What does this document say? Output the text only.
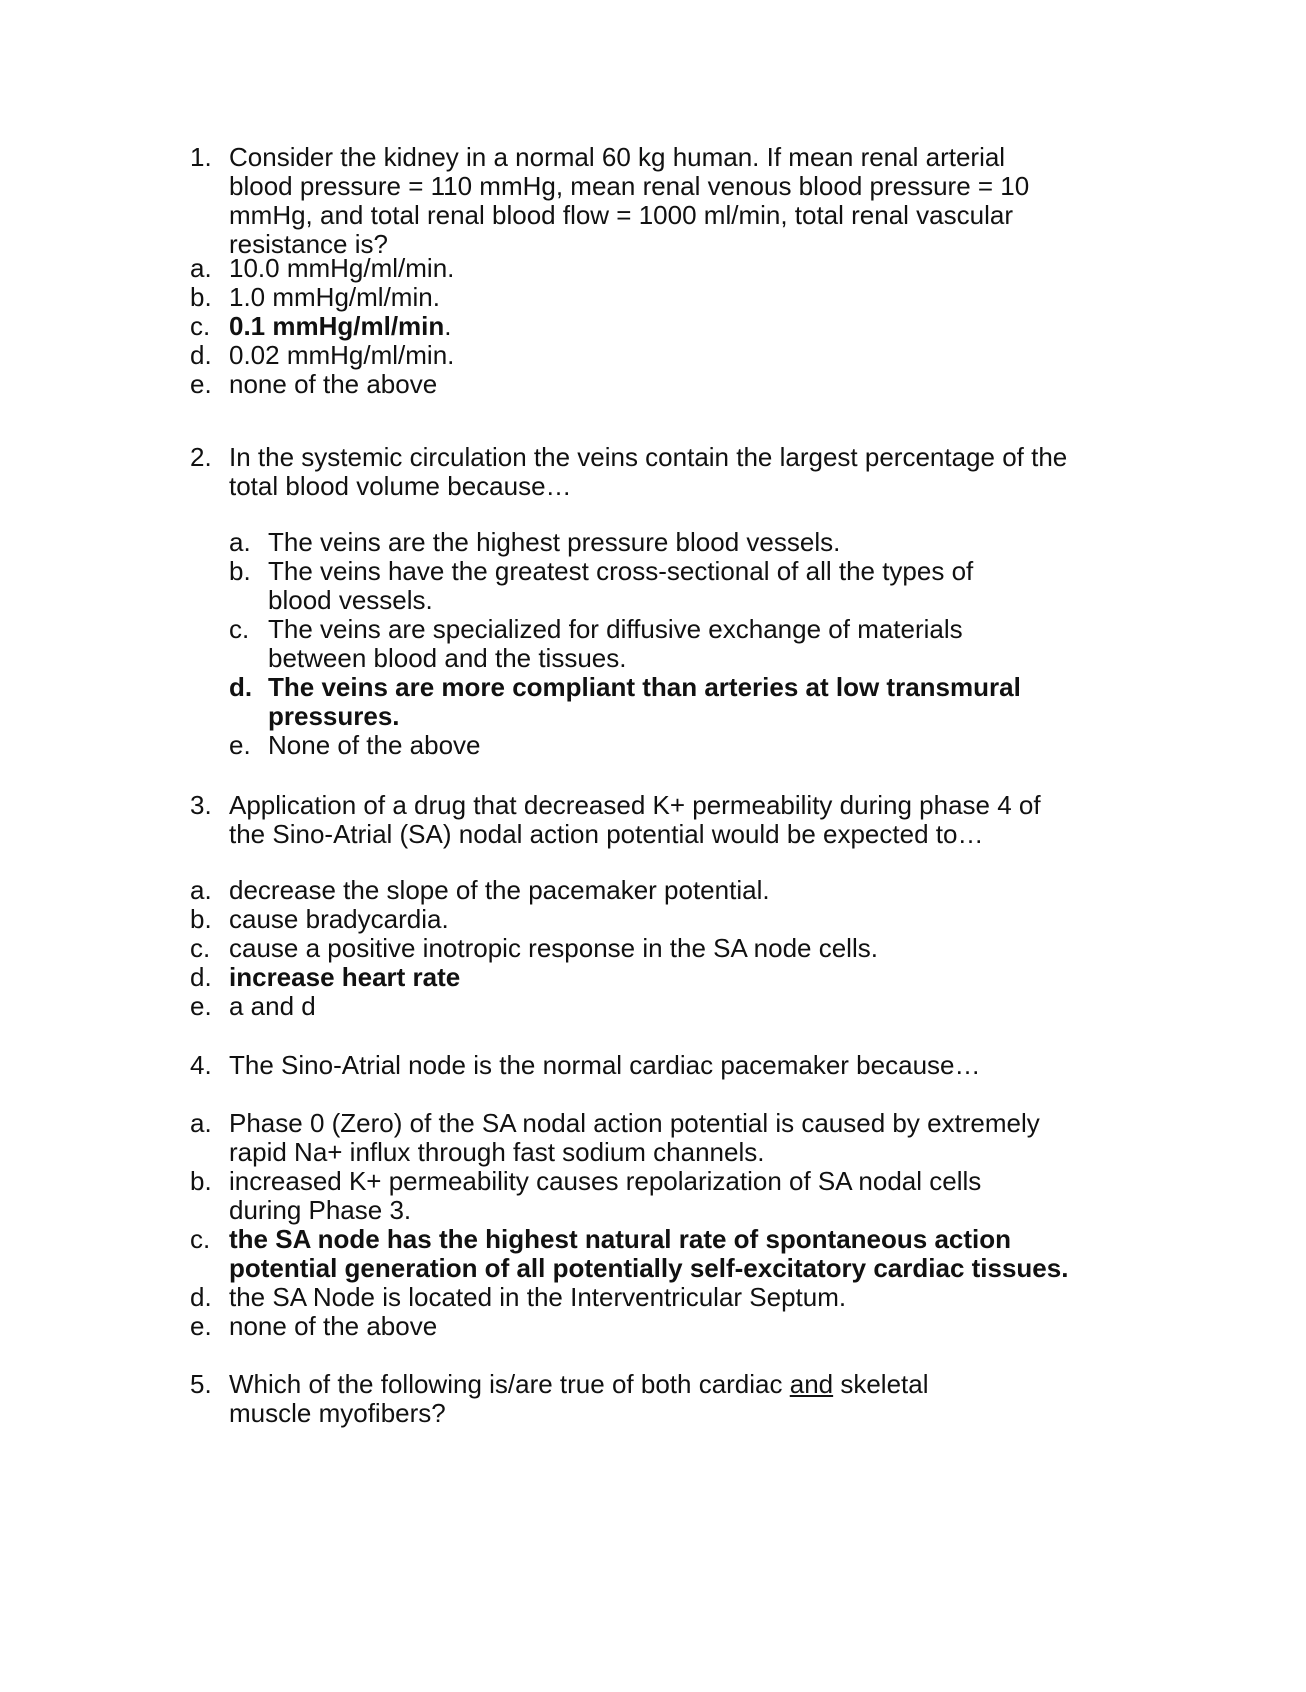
1. Consider the kidney in a normal 60 kg human. If mean renal arterial blood pressure = 110 mmHg, mean renal venous blood pressure = 10 mmHg, and total renal blood flow = 1000 ml/min, total renal vascular resistance is?
a. 10.0 mmHg/ml/min.
b. 1.0 mmHg/ml/min.
c. 0.1 mmHg/ml/min.
d. 0.02 mmHg/ml/min.
e. none of the above
2. In the systemic circulation the veins contain the largest percentage of the total blood volume because…
a. The veins are the highest pressure blood vessels.
b. The veins have the greatest cross-sectional of all the types of blood vessels.
c. The veins are specialized for diffusive exchange of materials between blood and the tissues.
d. The veins are more compliant than arteries at low transmural pressures.
e. None of the above
3. Application of a drug that decreased K+ permeability during phase 4 of the Sino-Atrial (SA) nodal action potential would be expected to…
a. decrease the slope of the pacemaker potential.
b. cause bradycardia.
c. cause a positive inotropic response in the SA node cells.
d. increase heart rate
e. a and d
4. The Sino-Atrial node is the normal cardiac pacemaker because…
a. Phase 0 (Zero) of the SA nodal action potential is caused by extremely rapid Na+ influx through fast sodium channels.
b. increased K+ permeability causes repolarization of SA nodal cells during Phase 3.
c. the SA node has the highest natural rate of spontaneous action potential generation of all potentially self-excitatory cardiac tissues.
d. the SA Node is located in the Interventricular Septum.
e. none of the above
5. Which of the following is/are true of both cardiac and skeletal muscle myofibers?
